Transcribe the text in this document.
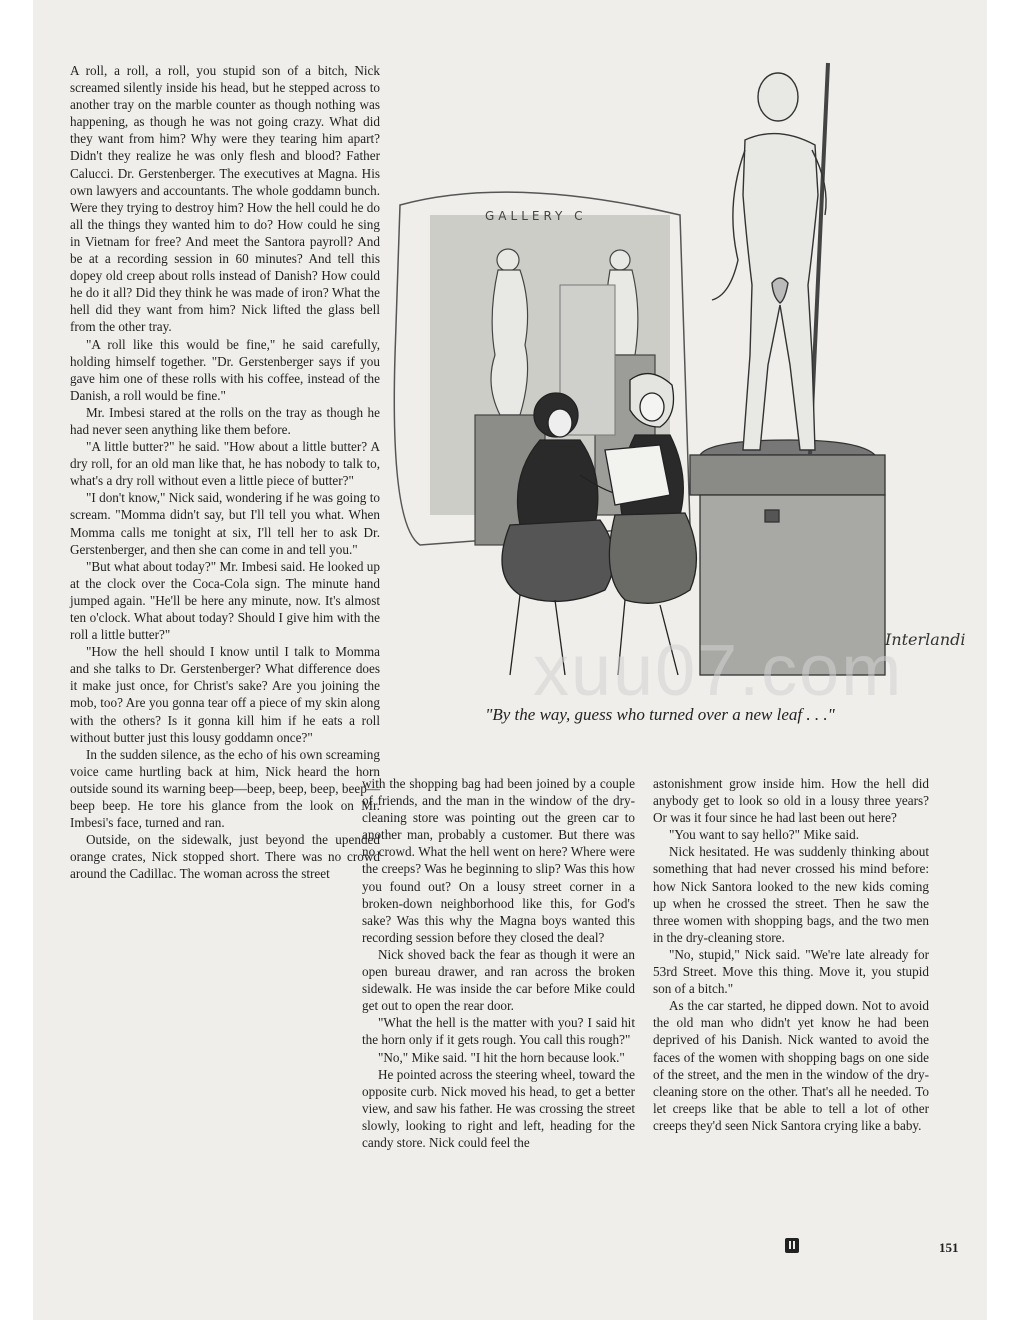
A roll, a roll, a roll, you stupid son of a bitch, Nick screamed silently inside his head, but he stepped across to another tray on the marble counter as though nothing was happening, as though he was not going crazy. What did they want from him? Why were they tearing him apart? Didn't they realize he was only flesh and blood? Father Calucci. Dr. Gerstenberger. The executives at Magna. His own lawyers and accountants. The whole goddamn bunch. Were they trying to destroy him? How the hell could he do all the things they wanted him to do? How could he sing in Vietnam for free? And meet the Santora payroll? And be at a recording session in 60 minutes? And tell this dopey old creep about rolls instead of Danish? How could he do it all? Did they think he was made of iron? What the hell did they want from him? Nick lifted the glass bell from the other tray.

"A roll like this would be fine," he said carefully, holding himself together. "Dr. Gerstenberger says if you gave him one of these rolls with his coffee, instead of the Danish, a roll would be fine."

Mr. Imbesi stared at the rolls on the tray as though he had never seen anything like them before.

"A little butter?" he said. "How about a little butter? A dry roll, for an old man like that, he has nobody to talk to, what's a dry roll without even a little piece of butter?"

"I don't know," Nick said, wondering if he was going to scream. "Momma didn't say, but I'll tell you what. When Momma calls me tonight at six, I'll tell her to ask Dr. Gerstenberger, and then she can come in and tell you."

"But what about today?" Mr. Imbesi said. He looked up at the clock over the Coca-Cola sign. The minute hand jumped again. "He'll be here any minute, now. It's almost ten o'clock. What about today? Should I give him with the roll a little butter?"

"How the hell should I know until I talk to Momma and she talks to Dr. Gerstenberger? What difference does it make just once, for Christ's sake? Are you joining the mob, too? Are you gonna tear off a piece of my skin along with the others? Is it gonna kill him if he eats a roll without butter just this lousy goddamn once?"

In the sudden silence, as the echo of his own screaming voice came hurtling back at him, Nick heard the horn outside sound its warning beep—beep, beep, beep, beep—beep beep. He tore his glance from the look on Mr. Imbesi's face, turned and ran.

Outside, on the sidewalk, just beyond the upended orange crates, Nick stopped short. There was no crowd around the Cadillac. The woman across the street

GALLERY C
Interlandi
"By the way, guess who turned over a new leaf . . ."

with the shopping bag had been joined by a couple of friends, and the man in the window of the dry-cleaning store was pointing out the green car to another man, probably a customer. But there was no crowd. What the hell went on here? Where were the creeps? Was he beginning to slip? Was this how you found out? On a lousy street corner in a broken-down neighborhood like this, for God's sake? Was this why the Magna boys wanted this recording session before they closed the deal?

Nick shoved back the fear as though it were an open bureau drawer, and ran across the broken sidewalk. He was inside the car before Mike could get out to open the rear door.

"What the hell is the matter with you? I said hit the horn only if it gets rough. You call this rough?"

"No," Mike said. "I hit the horn because look."

He pointed across the steering wheel, toward the opposite curb. Nick moved his head, to get a better view, and saw his father. He was crossing the street slowly, looking to right and left, heading for the candy store. Nick could feel the

astonishment grow inside him. How the hell did anybody get to look so old in a lousy three years? Or was it four since he had last been out here?

"You want to say hello?" Mike said.

Nick hesitated. He was suddenly thinking about something that had never crossed his mind before: how Nick Santora looked to the new kids coming up when he crossed the street. Then he saw the three women with shopping bags, and the two men in the dry-cleaning store.

"No, stupid," Nick said. "We're late already for 53rd Street. Move this thing. Move it, you stupid son of a bitch."

As the car started, he dipped down. Not to avoid the old man who didn't yet know he had been deprived of his Danish. Nick wanted to avoid the faces of the women with shopping bags on one side of the street, and the men in the window of the dry-cleaning store on the other. That's all he needed. To let creeps like that be able to tell a lot of other creeps they'd seen Nick Santora crying like a baby.

xuu07.com
151
